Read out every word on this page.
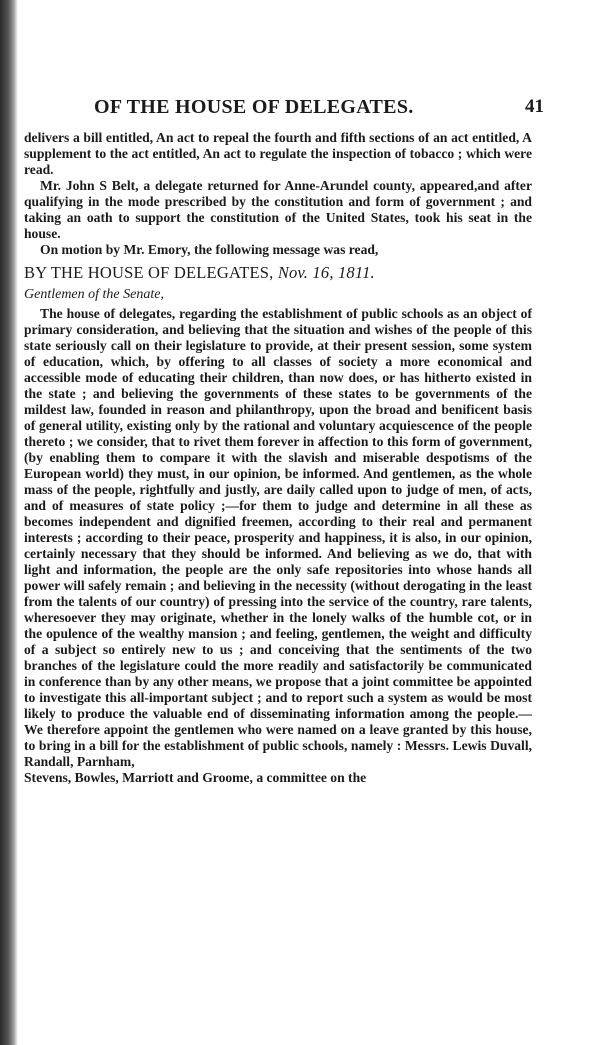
OF THE HOUSE OF DELEGATES.	41

delivers a bill entitled, An act to repeal the fourth and fifth sections of an act entitled, A supplement to the act entitled, An act to regulate the inspection of tobacco ; which were read.

Mr. John S Belt, a delegate returned for Anne-Arundel county, appeared,and after qualifying in the mode prescribed by the constitution and form of government ; and taking an oath to support the constitution of the United States, took his seat in the house.

On motion by Mr. Emory, the following message was read,

BY THE HOUSE OF DELEGATES, Nov. 16, 1811.

Gentlemen of the Senate,

The house of delegates, regarding the establishment of public schools as an object of primary consideration, and believing that the situation and wishes of the people of this state seriously call on their legislature to provide, at their present session, some system of education, which, by offering to all classes of society a more economical and accessible mode of educating their children, than now does, or has hitherto existed in the state ; and believing the governments of these states to be governments of the mildest law, founded in reason and philanthropy, upon the broad and benificent basis of general utility, existing only by the rational and voluntary acquiescence of the people thereto ; we consider, that to rivet them forever in affection to this form of government, (by enabling them to compare it with the slavish and miserable despotisms of the European world) they must, in our opinion, be informed. And gentlemen, as the whole mass of the people, rightfully and justly, are daily called upon to judge of men, of acts, and of measures of state policy ;—for them to judge and determine in all these as becomes independent and dignified freemen, according to their real and permanent interests ; according to their peace, prosperity and happiness, it is also, in our opinion, certainly necessary that they should be informed. And believing as we do, that with light and information, the people are the only safe repositories into whose hands all power will safely remain ; and believing in the necessity (without derogating in the least from the talents of our country) of pressing into the service of the country, rare talents, wheresoever they may originate, whether in the lonely walks of the humble cot, or in the opulence of the wealthy mansion ; and feeling, gentlemen, the weight and difficulty of a subject so entirely new to us ; and conceiving that the sentiments of the two branches of the legislature could the more readily and satisfactorily be communicated in conference than by any other means, we propose that a joint committee be appointed to investigate this all-important subject ; and to report such a system as would be most likely to produce the valuable end of disseminating information among the people.— We therefore appoint the gentlemen who were named on a leave granted by this house, to bring in a bill for the establishment of public schools, namely : Messrs. Lewis Duvall, Randall, Parnham,

Stevens, Bowles, Marriott and Groome, a committee on the
